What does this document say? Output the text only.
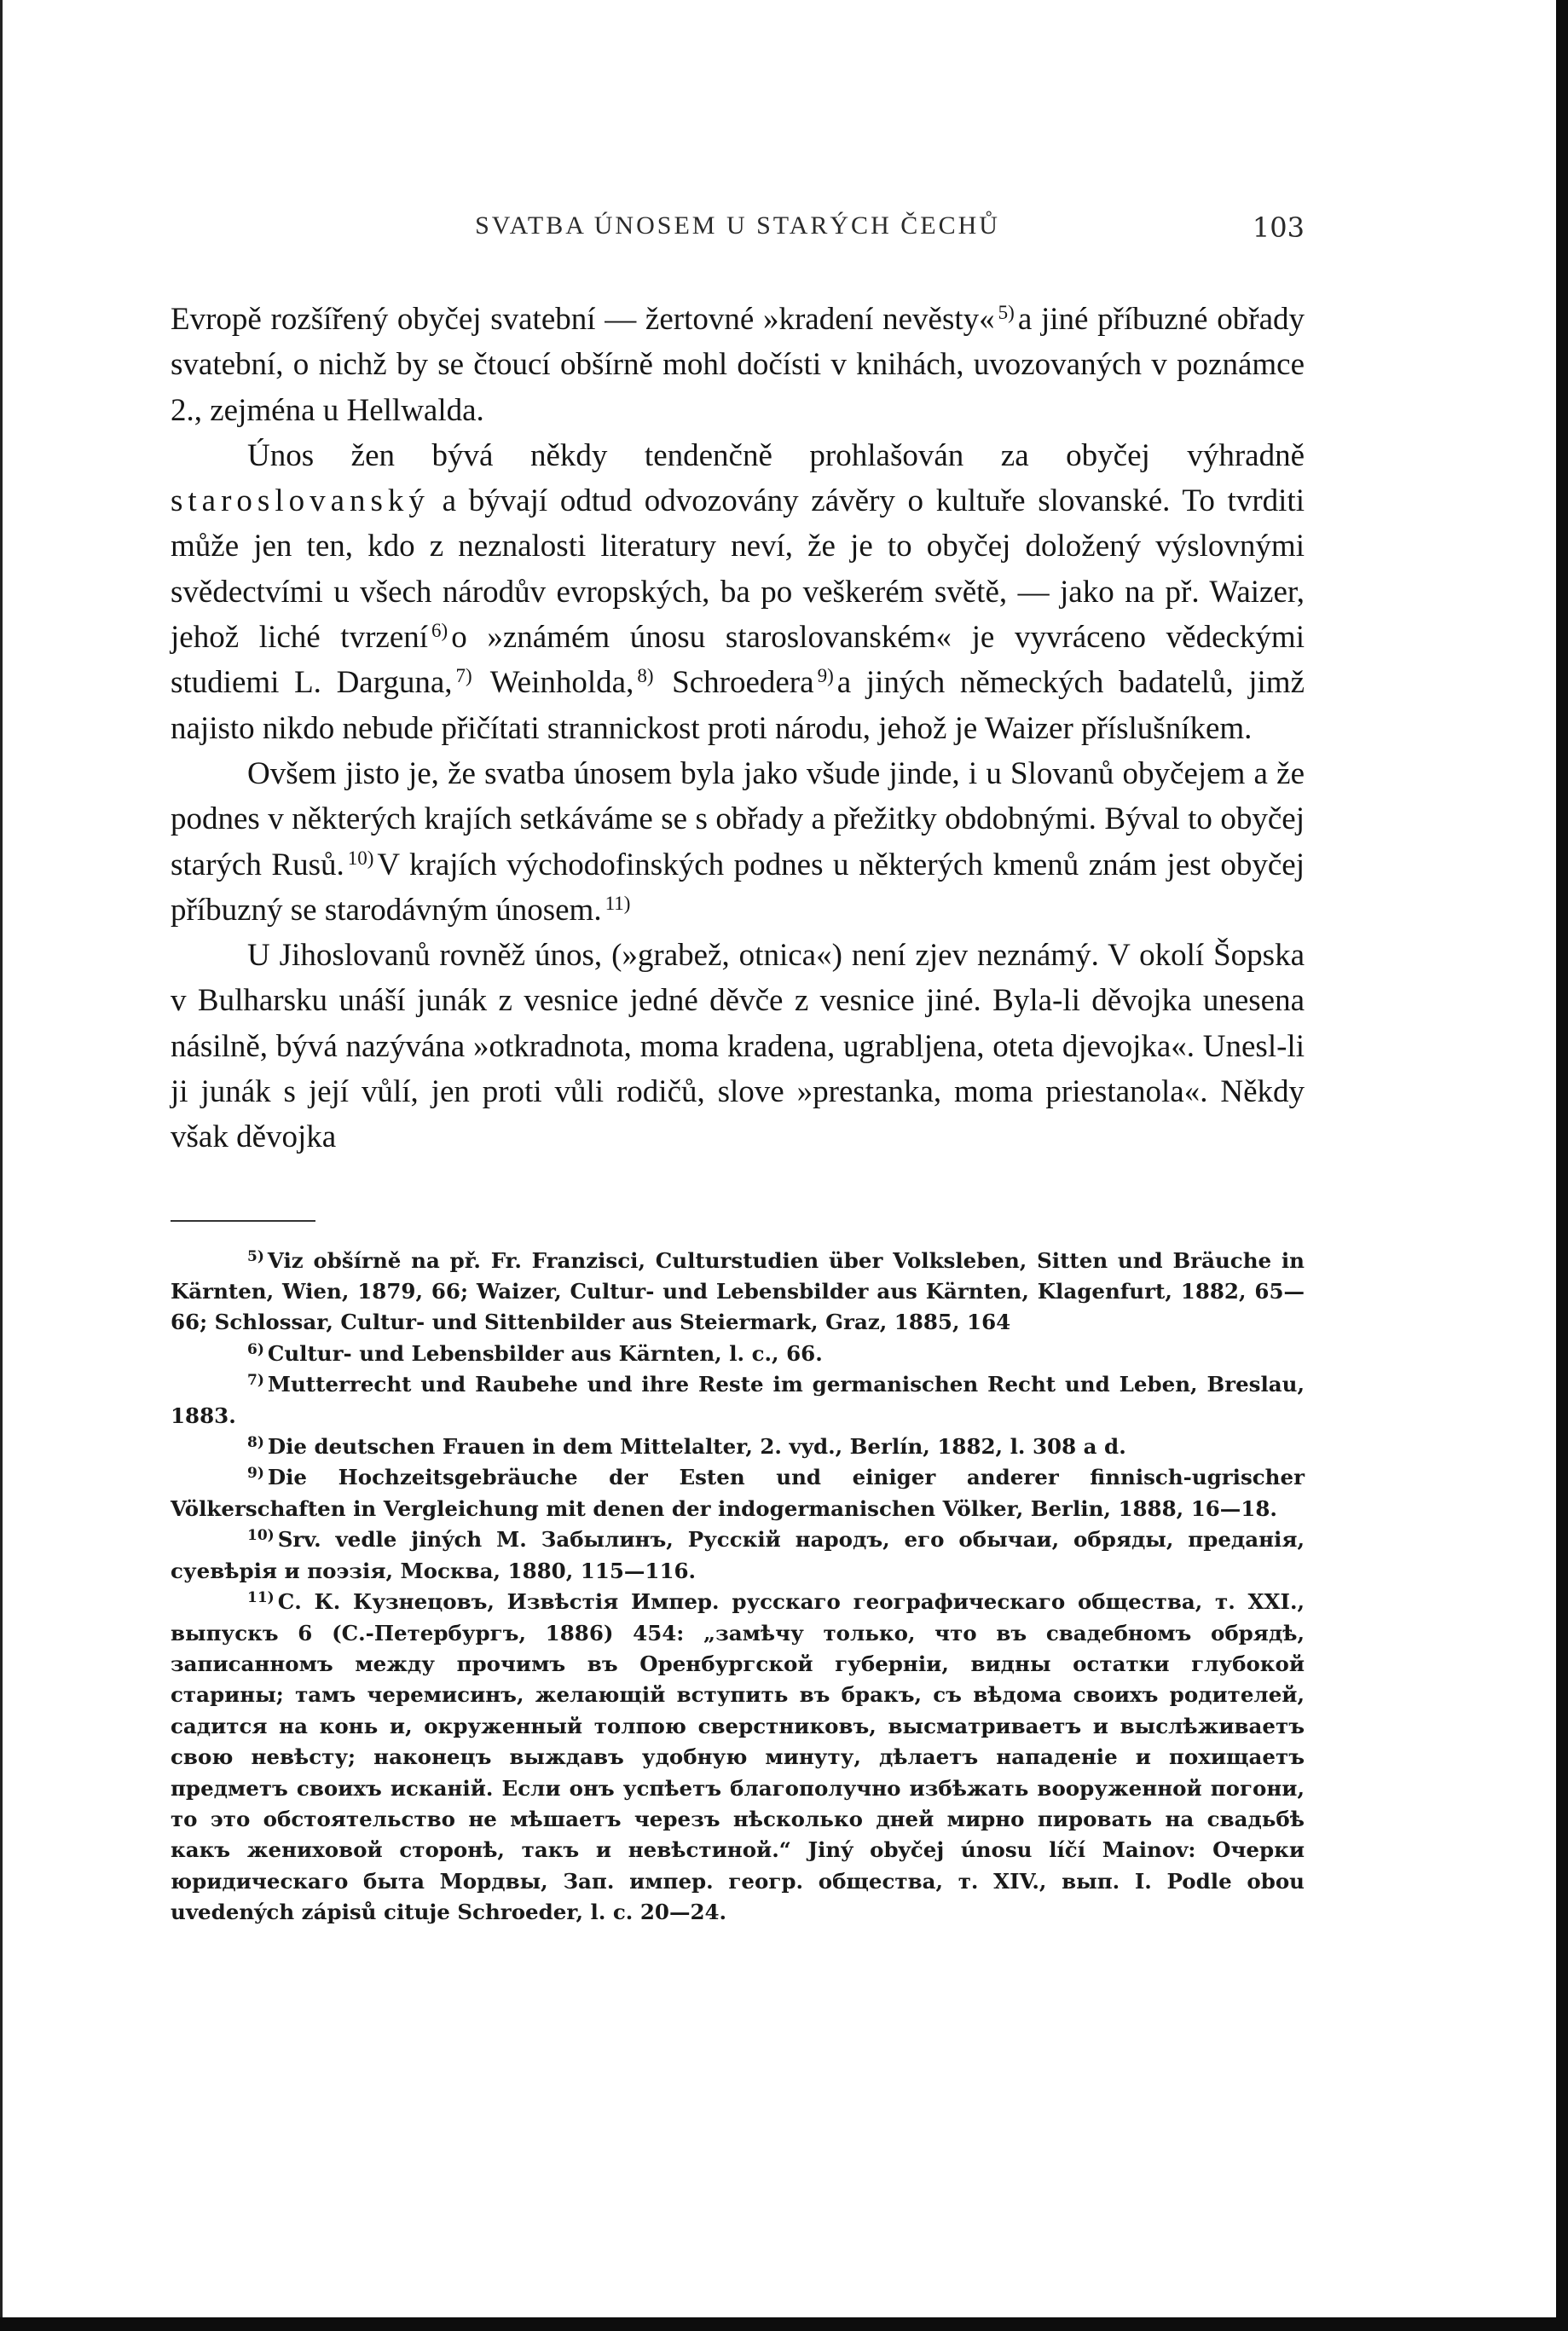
SVATBA ÚNOSEM U STARÝCH ČECHŮ	103

Evropě rozšířený obyčej svatební — žertovné »kradení nevěsty« $^{5)}$ a jiné příbuzné obřady svatební, o nichž by se čtoucí obšírně mohl dočísti v knihách, uvozovaných v poznámce 2., zejména u Hellwalda.

Únos žen bývá někdy tendenčně prohlašován za obyčej výhradně staroslovanský a bývají odtud odvozovány závěry o kultuře slovanské. To tvrditi může jen ten, kdo z neznalosti literatury neví, že je to obyčej doložený výslovnými svědectvími u všech národův evropských, ba po veškerém světě, — jako na př. Waizer, jehož liché tvrzení $^{6)}$ o »známém únosu staroslovanském« je vyvráceno vědeckými studiemi L. Darguna, $^{7)}$ Weinholda, $^{8)}$ Schroedera $^{9)}$ a jiných německých badatelů, jimž najisto nikdo nebude přičítati strannickost proti národu, jehož je Waizer příslušníkem.

Ovšem jisto je, že svatba únosem byla jako všude jinde, i u Slovanů obyčejem a že podnes v některých krajích setkáváme se s obřady a přežitky obdobnými. Býval to obyčej starých Rusů. $^{10)}$ V krajích východofinských podnes u některých kmenů znám jest obyčej příbuzný se starodávným únosem. $^{11)}$

U Jihoslovanů rovněž únos, (»grabež, otnica«) není zjev neznámý. V okolí Šopska v Bulharsku unáší junák z vesnice jedné děvče z vesnice jiné. Byla-li děvojka unesena násilně, bývá nazývána »otkradnota, moma kradena, ugrabljena, oteta djevojka«. Unesl-li ji junák s její vůlí, jen proti vůli rodičů, slove »prestanka, moma priestanola«. Někdy však děvojka

$^{5)}$ Viz obšírně na př. Fr. Franzisci, Culturstudien über Volksleben, Sitten und Bräuche in Kärnten, Wien, 1879, 66; Waizer, Cultur- und Lebensbilder aus Kärnten, Klagenfurt, 1882, 65—66; Schlossar, Cultur- und Sittenbilder aus Steiermark, Graz, 1885, 164

$^{6)}$ Cultur- und Lebensbilder aus Kärnten, l. c., 66.

$^{7)}$ Mutterrecht und Raubehe und ihre Reste im germanischen Recht und Leben, Breslau, 1883.

$^{8)}$ Die deutschen Frauen in dem Mittelalter, 2. vyd., Berlín, 1882, l. 308 a d.

$^{9)}$ Die Hochzeitsgebräuche der Esten und einiger anderer finnisch-ugrischer Völkerschaften in Vergleichung mit denen der indogermanischen Völker, Berlin, 1888, 16—18.

$^{10)}$ Srv. vedle jiných M. Забылинъ, Русскій народъ, его обычаи, обряды, преданія, суевѣрія и поэзія, Москва, 1880, 115—116.

$^{11)}$ С. К. Кузнецовъ, Извѣстія Импер. русскаго географическаго общества, т. XXI., выпускъ 6 (С.-Петербургъ, 1886) 454: „замѣчу только, что въ свадебномъ обрядѣ, записанномъ между прочимъ въ Оренбургской губерніи, видны остатки глубокой старины; тамъ черемисинъ, желающій вступить въ бракъ, съ вѣдома своихъ родителей, садится на конь и, окруженный толпою сверстниковъ, высматриваетъ и выслѣживаетъ свою невѣсту; наконецъ выждавъ удобную минуту, дѣлаетъ нападеніе и похищаетъ предметъ своихъ исканій. Если онъ успѣетъ благополучно избѣжать вооруженной погони, то это обстоятельство не мѣшаетъ черезъ нѣсколько дней мирно пировать на свадьбѣ какъ жениховой сторонѣ, такъ и невѣстиной.“ Jiný obyčej únosu líčí Mainov: Очерки юридическаго быта Мордвы, Зап. импер. геогр. общества, т. XIV., вып. I. Podle obou uvedených zápisů cituje Schroeder, l. c. 20—24.
